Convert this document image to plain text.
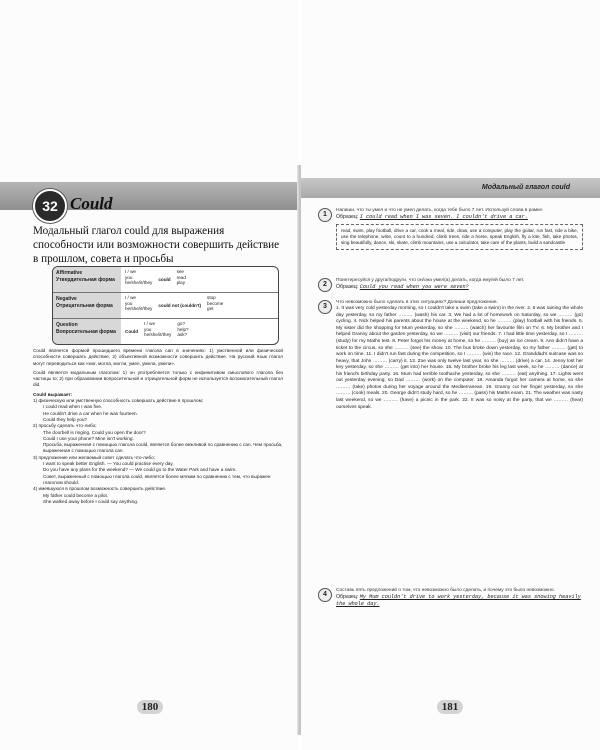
32 Could
Модальный глагол could для выражения способности или возможности совершить действие в прошлом, совета и просьбы
Affirmative
Утвердительная форма
I / we
you
he/she/it/they
could
see
read
play
Negative
Отрицательная форма
I / we
you
he/she/it/they
could not (couldn't)
stop
become
get
Question
Вопросительная форма	Could
I / we
you
he/she/it/they
go?
help?
ask?

Could является формой прошедшего времени глагола can в значениях: 1) умственной или физической способности совершать действие, 2) объективной возможности совершить действие. На русский язык глагол могут переводиться как «мог, могла, могли, умел, умела, умели».

Could является модальным глаголом: 1) он употребляется только с инфинитивом смыслового глагола без частицы to; 2) при образовании вопросительной и отрицательной форм не используется вспомогательный глагол did.

Could выражает:
1) физическую или умственную способность совершать действие в прошлом;
I could read when I was five.
He couldn't drive a car when he was fourteen.
Could they help you?
2) просьбу сделать что-либо;
The doorbell is ringing. Could you open the door?
Could I use your phone? Mine isn't working.
Просьба, выраженная с помощью глагола could, является более вежливой по сравнению с can. Чем просьба, выраженная с помощью глагола can.
3) предложение или желаемый совет сделать что-либо;
I want to speak better English. — You could practise every day.
Do you have any plans for the weekend? — We could go to the Water Park and have a swim.
Совет, выраженный с помощью глагола could, является более мягким по сравнению с тем, что выражен глаголом should.
4) имевшуюся в прошлом возможность совершить действие.
My father could become a pilot.
She walked away before I could say anything.
180
Модальный глагол could
1
Напиши, что ты умел и что не умел делать, когда тебе было 7 лет. Используй слова в рамке.
Образец: I could read when I was seven. I couldn't drive a car.
read, swim, play football, drive a car, cook a meal, ride, draw, use a computer, play the guitar, run fast, ride a bike, use the telephone, write, count to a hundred, climb trees, ride a horse, speak English, fly a kite, fish, take photos, sing beautifully, dance, ski, skate, climb mountains, use a calculator, take care of the plants, build a sandcastle
2
Поинтересуйся у друга/подруги, что он/она умел(а) делать, когда ему/ей было 7 лет.
Образец: Could you read when you were seven?
3
Что невозможно было сделать в этих ситуациях? Допиши предложения.
1. It was very cold yesterday morning, so I couldn't take a swim (take a swim) in the river. 2. It was raining the whole day yesterday, so my father ……… (wash) his car. 3. We had a lot of homework on Saturday, so we ……… (go) cycling. 4. Nick helped his parents about the house at the weekend, so he ……… (play) football with his friends. 5. My sister did the shopping for Mum yesterday, so she ……… (watch) her favourite film on TV. 6. My brother and I helped Granny about the garden yesterday, so we ……… (visit) our friends. 7. I had little time yesterday, so I ……… (study) for my Maths test. 8. Peter forgot his money at home, so he ……… (buy) an ice cream. 9. Ann didn't have a ticket to the circus, so she ……… (see) the show. 10. The bus broke down yesterday, so my father ……… (get) to work on time. 11. I didn't run fast during the competition, so I ……… (win) the race. 12. Granddad's suitcase was so heavy, that John ……… (carry) it. 13. Zoe was only twelve last year, so she ……… (drive) a car. 14. Jenny lost her key yesterday, so she ……… (get into) her house. 15. My brother broke his leg last week, so he ……… (dance) at his friend's birthday party. 16. Mum had terrible toothache yesterday, so she ……… (eat) anything. 17. Lights went out yesterday evening, so Dad ……… (work) on the computer. 18. Amanda forgot her camera at home, so she ……… (take) photos during her voyage around the Mediterranean. 19. Granny cut her finger yesterday, so she ……… (cook) meals. 20. George didn't study hard, so he ……… (pass) his Maths exam. 21. The weather was nasty last weekend, so we ……… (have) a picnic in the park. 22. It was so noisy at the party, that we ……… (hear) ourselves speak.
4
Составь пять предложений о том, что невозможно было сделать, и почему это было невозможно.
Образец: My Mum couldn't drive to work yesterday, because it was snowing heavily the whole day.
181
